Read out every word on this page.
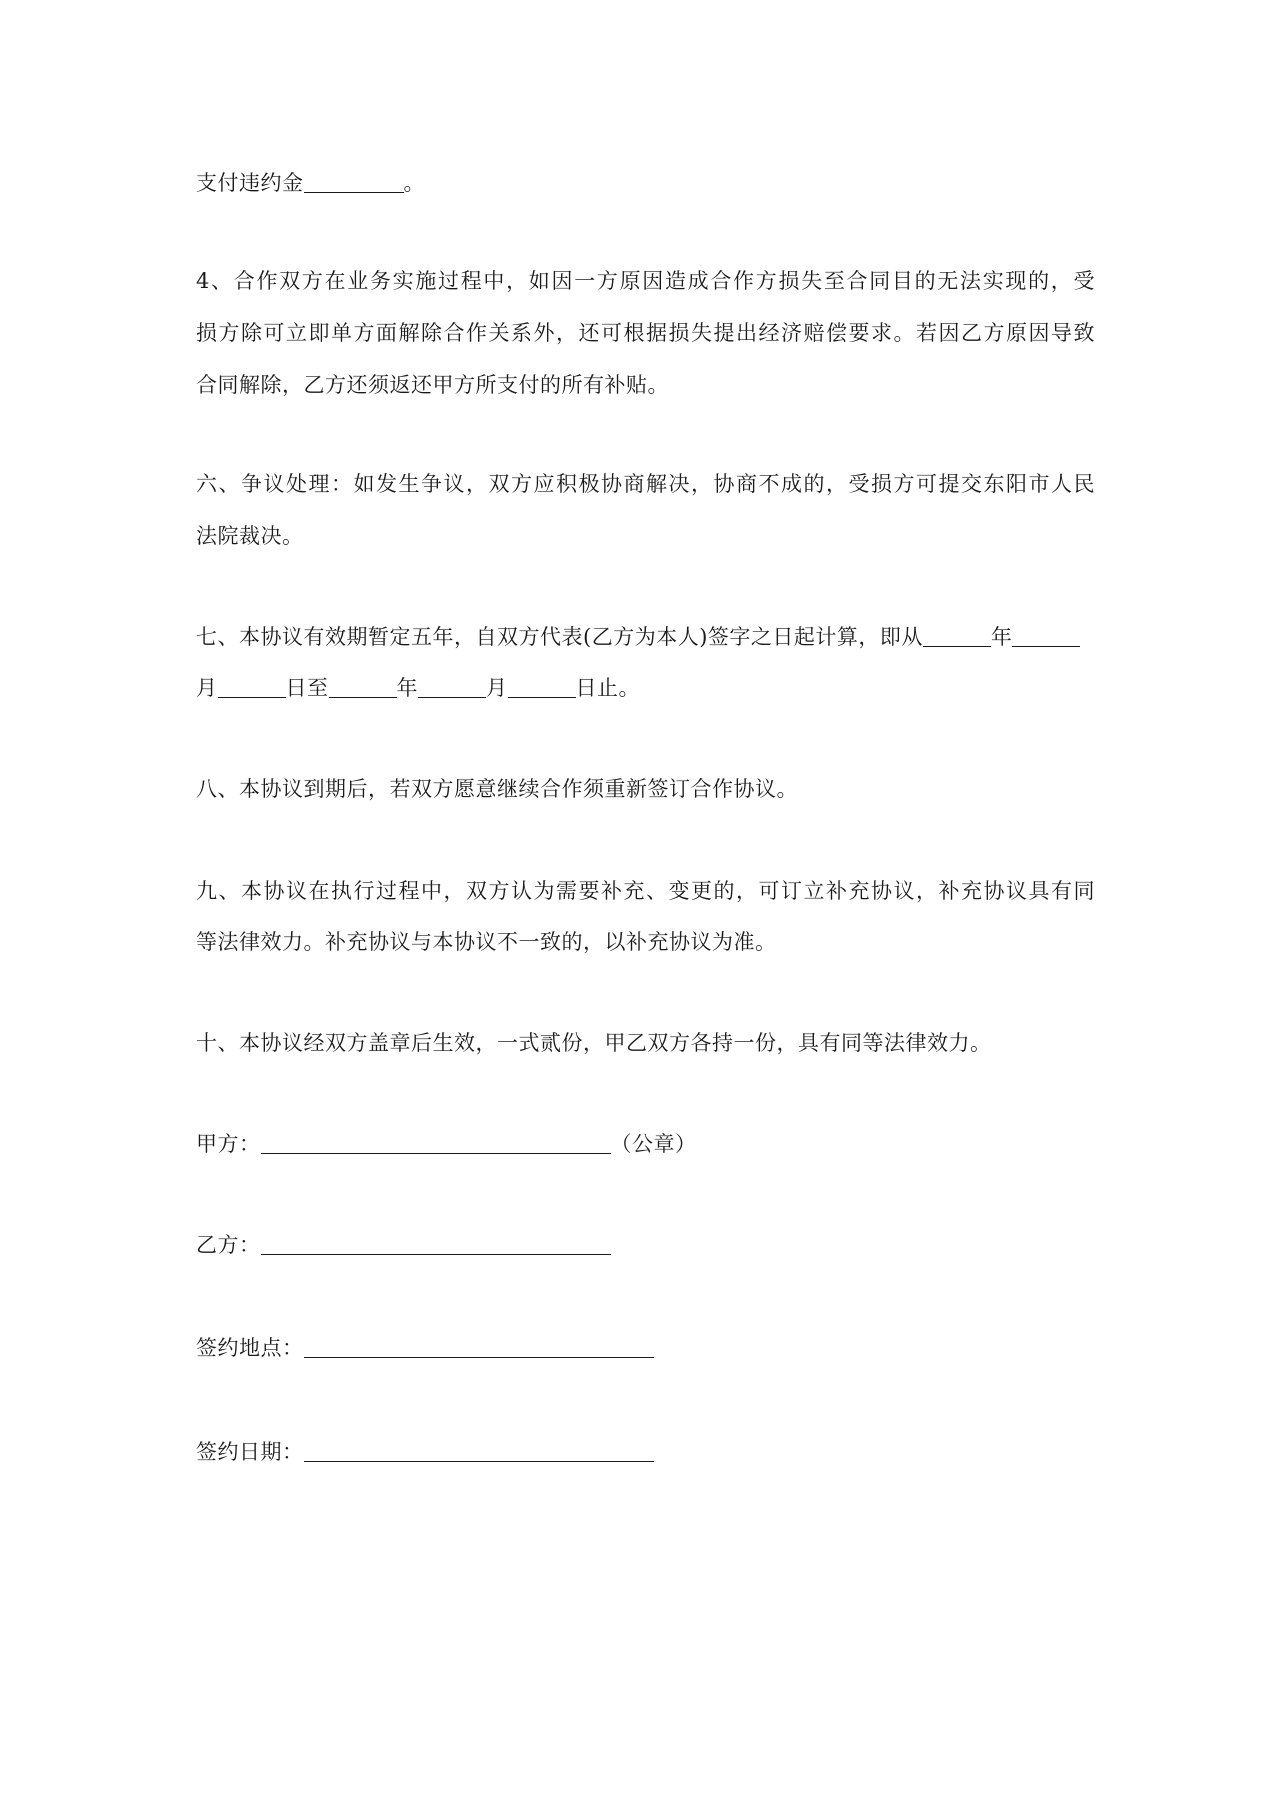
支付违约金	。
4、合作双方在业务实施过程中，如因一方原因造成合作方损失至合同目的无法实现的，受
损方除可立即单方面解除合作关系外，还可根据损失提出经济赔偿要求。若因乙方原因导致
合同解除，乙方还须返还甲方所支付的所有补贴。
六、争议处理：如发生争议，双方应积极协商解决，协商不成的，受损方可提交东阳市人民
法院裁决。
七、本协议有效期暂定五年，自双方代表(乙方为本人)签字之日起计算，即从	年
月	日至	年	月	日止。
八、本协议到期后，若双方愿意继续合作须重新签订合作协议。
九、本协议在执行过程中，双方认为需要补充、变更的，可订立补充协议，补充协议具有同
等法律效力。补充协议与本协议不一致的，以补充协议为准。
十、本协议经双方盖章后生效，一式贰份，甲乙双方各持一份，具有同等法律效力。
甲方：	（公章）
乙方：
签约地点：
签约日期：
